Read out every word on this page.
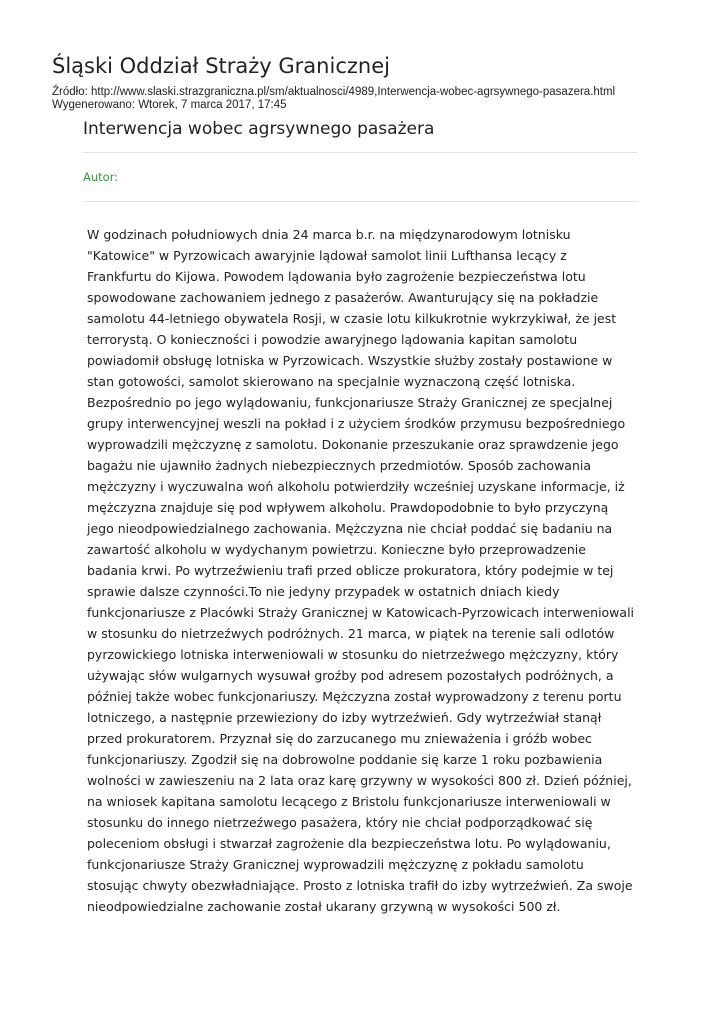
Śląski Oddział Straży Granicznej
Źródło: http://www.slaski.strazgraniczna.pl/sm/aktualnosci/4989,Interwencja-wobec-agrsywnego-pasazera.html
Wygenerowano: Wtorek, 7 marca 2017, 17:45
Interwencja wobec agrsywnego pasażera
Autor:

W godzinach południowych dnia 24 marca b.r. na międzynarodowym lotnisku "Katowice" w Pyrzowicach awaryjnie lądował samolot linii Lufthansa lecący z Frankfurtu do Kijowa. Powodem lądowania było zagrożenie bezpieczeństwa lotu spowodowane zachowaniem jednego z pasażerów. Awanturujący się na pokładzie samolotu 44-letniego obywatela Rosji, w czasie lotu kilkukrotnie wykrzykiwał, że jest terrorystą. O konieczności i powodzie awaryjnego lądowania kapitan samolotu powiadomił obsługę lotniska w Pyrzowicach. Wszystkie służby zostały postawione w stan gotowości, samolot skierowano na specjalnie wyznaczoną część lotniska. Bezpośrednio po jego wylądowaniu, funkcjonariusze Straży Granicznej ze specjalnej grupy interwencyjnej weszli na pokład i z użyciem środków przymusu bezpośredniego wyprowadzili mężczyznę z samolotu. Dokonanie przeszukanie oraz sprawdzenie jego bagażu nie ujawniło żadnych niebezpiecznych przedmiotów. Sposób zachowania mężczyzny i wyczuwalna woń alkoholu potwierdziły wcześniej uzyskane informacje, iż mężczyzna znajduje się pod wpływem alkoholu. Prawdopodobnie to było przyczyną jego nieodpowiedzialnego zachowania. Mężczyzna nie chciał poddać się badaniu na zawartość alkoholu w wydychanym powietrzu. Konieczne było przeprowadzenie badania krwi. Po wytrzeźwieniu trafi przed oblicze prokuratora, który podejmie w tej sprawie dalsze czynności.To nie jedyny przypadek w ostatnich dniach kiedy funkcjonariusze z Placówki Straży Granicznej w Katowicach-Pyrzowicach interweniowali w stosunku do nietrzeźwych podróżnych. 21 marca, w piątek na terenie sali odlotów pyrzowickiego lotniska interweniowali w stosunku do nietrzeźwego mężczyzny, który używając słów wulgarnych wysuwał groźby pod adresem pozostałych podróżnych, a później także wobec funkcjonariuszy. Mężczyzna został wyprowadzony z terenu portu lotniczego, a następnie przewieziony do izby wytrzeźwień. Gdy wytrzeźwiał stanął przed prokuratorem. Przyznał się do zarzucanego mu znieważenia i gróźb wobec funkcjonariuszy. Zgodził się na dobrowolne poddanie się karze 1 roku pozbawienia wolności w zawieszeniu na 2 lata oraz karę grzywny w wysokości 800 zł. Dzień później, na wniosek kapitana samolotu lecącego z Bristolu funkcjonariusze interweniowali w stosunku do innego nietrzeźwego pasażera, który nie chciał podporządkować się poleceniom obsługi i stwarzał zagrożenie dla bezpieczeństwa lotu. Po wylądowaniu, funkcjonariusze Straży Granicznej wyprowadzili mężczyznę z pokładu samolotu stosując chwyty obezwładniające. Prosto z lotniska trafił do izby wytrzeźwień. Za swoje nieodpowiedzialne zachowanie został ukarany grzywną w wysokości 500 zł.
